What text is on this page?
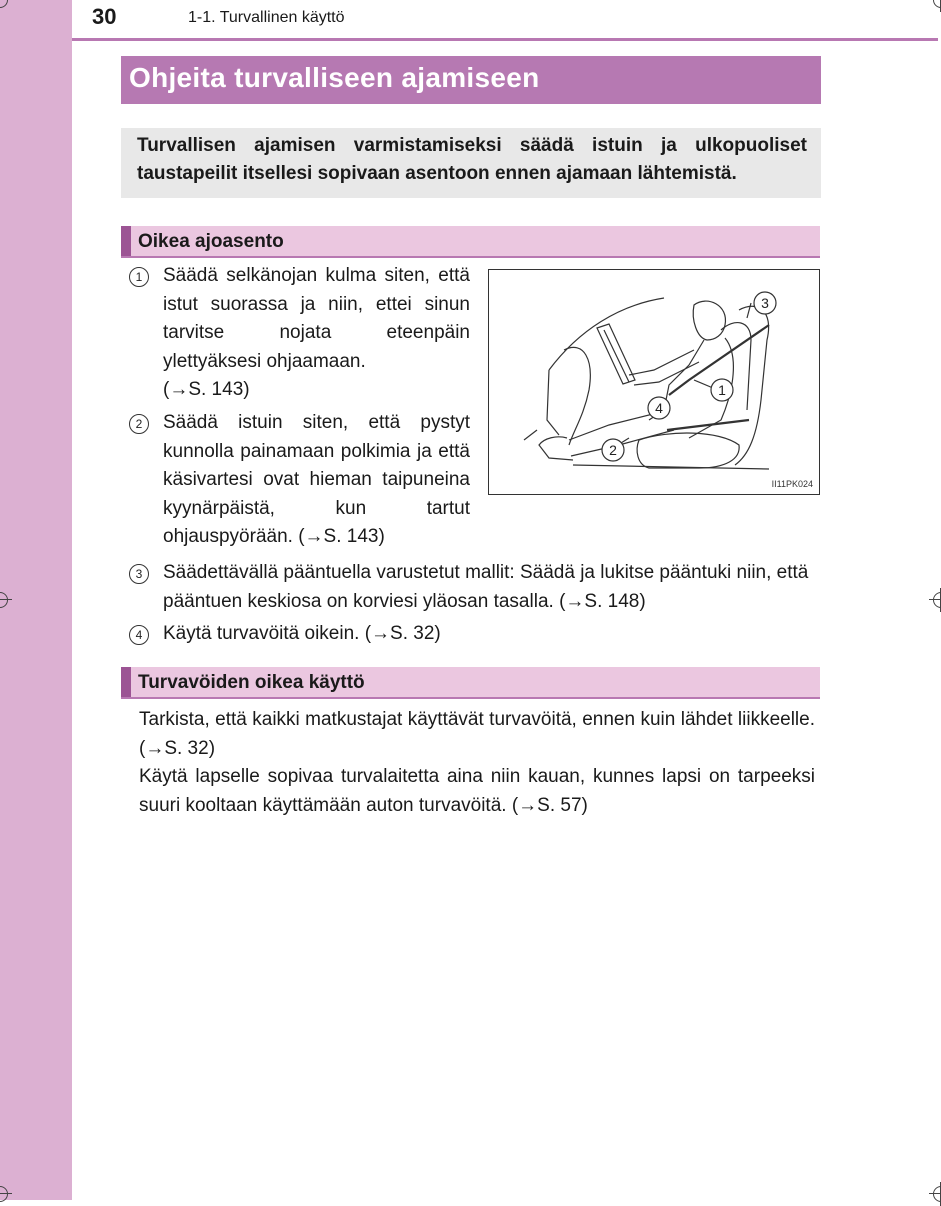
30	1-1. Turvallinen käyttö
Ohjeita turvalliseen ajamiseen
Turvallisen ajamisen varmistamiseksi säädä istuin ja ulkopuoliset taustapeilit itsellesi sopivaan asentoon ennen ajamaan lähtemistä.
Oikea ajoasento
1	Säädä selkänojan kulma siten, että istut suorassa ja niin, ettei sinun tarvitse nojata eteenpäin ylettyäksesi ohjaamaan.
(→S. 143)
2	Säädä istuin siten, että pystyt kunnolla painamaan polkimia ja että käsivartesi ovat hieman taipuneina kyynärpäistä, kun tartut ohjauspyörään. (→S. 143)
3
1
2
4
II11PK024
3	Säädettävällä pääntuella varustetut mallit: Säädä ja lukitse pääntuki niin, että pääntuen keskiosa on korviesi yläosan tasalla. (→S. 148)
4	Käytä turvavöitä oikein. (→S. 32)
Turvavöiden oikea käyttö
Tarkista, että kaikki matkustajat käyttävät turvavöitä, ennen kuin lähdet liikkeelle. (→S. 32)
Käytä lapselle sopivaa turvalaitetta aina niin kauan, kunnes lapsi on tarpeeksi suuri kooltaan käyttämään auton turvavöitä. (→S. 57)
